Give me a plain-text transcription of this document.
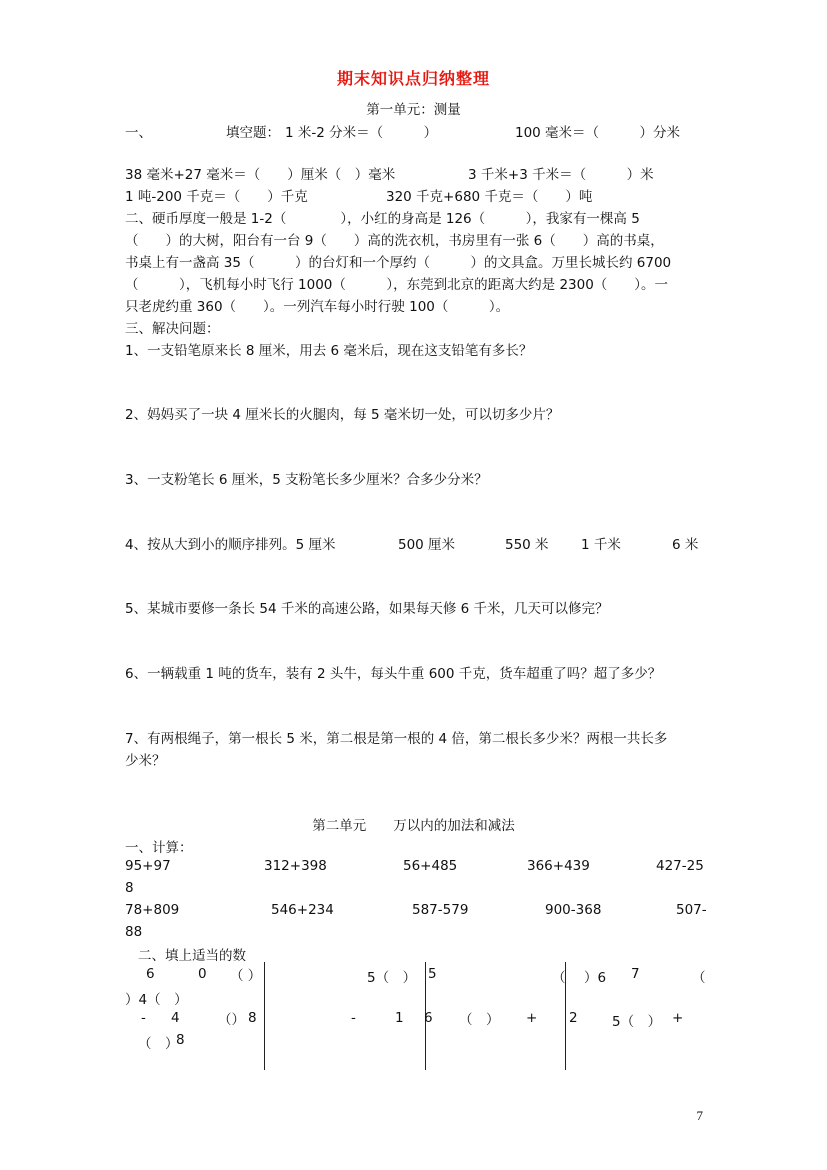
期末知识点归纳整理
第一单元：测量
一、	填空题： 1 米-2 分米＝（　　　）	100 毫米＝（　　　）分米
38 毫米+27 毫米＝（　　）厘米（　）毫米	3 千米+3 千米＝（　　　）米
1 吨-200 千克＝（　　）千克	320 千克+680 千克＝（　　）吨
二、硬币厚度一般是 1-2（　　　　），小红的身高是 126（　　　），我家有一棵高 5
（　　）的大树，阳台有一台 9（　　）高的洗衣机，书房里有一张 6（　　）高的书桌，
书桌上有一盏高 35（　　　）的台灯和一个厚约（　　　）的文具盒。万里长城长约 6700
（　　　），飞机每小时飞行 1000（　　　），东莞到北京的距离大约是 2300（　　）。一
只老虎约重 360（　　）。一列汽车每小时行驶 100（　　　）。
三、解决问题：
1、一支铅笔原来长 8 厘米，用去 6 毫米后，现在这支铅笔有多长？
2、妈妈买了一块 4 厘米长的火腿肉，每 5 毫米切一处，可以切多少片？
3、一支粉笔长 6 厘米，5 支粉笔长多少厘米？合多少分米？
4、按从大到小的顺序排列。5 厘米	500 厘米	550 米 1 千米	6 米
5、某城市要修一条长 54 千米的高速公路，如果每天修 6 千米，几天可以修完？
6、一辆载重 1 吨的货车，装有 2 头牛，每头牛重 600 千克，货车超重了吗？超了多少？
7、有两根绳子，第一根长 5 米，第二根是第一根的 4 倍，第二根长多少米？两根一共长多
少米？
第二单元　　万以内的加法和减法
一、计算：
95+97	312+398	56+485	366+439	427-25
8
78+809	546+234	587-579	900-368	507-
88
二、填上适当的数
6	0 （ ）
）4（　）
- 4	（） 8
（　）
8
5（　） 5
-	1 6 （　） +
（ ）6 7	（
2	5（　） +
7
